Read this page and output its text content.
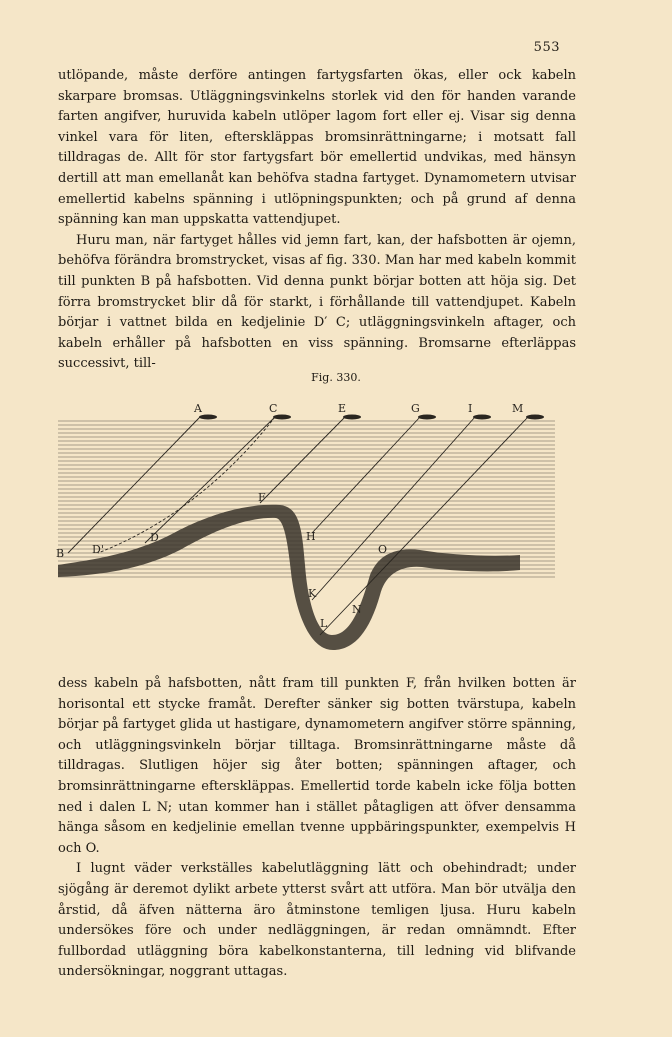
553

utlöpande, måste derföre antingen fartygsfarten ökas, eller ock kabeln skarpare bromsas. Utläggningsvinkelns storlek vid den för handen varande farten angifver, huruvida kabeln utlöper lagom fort eller ej. Visar sig denna vinkel vara för liten, efterskläppas bromsinrättningarne; i motsatt fall tilldragas de. Allt för stor fartygsfart bör emellertid undvikas, med hänsyn dertill att man emellanåt kan behöfva stadna fartyget. Dynamometern utvisar emellertid kabelns spänning i utlöpningspunkten; och på grund af denna spänning kan man uppskatta vattendjupet.

Huru man, när fartyget hålles vid jemn fart, kan, der hafsbotten är ojemn, behöfva förändra bromstrycket, visas af fig. 330. Man har med kabeln kommit till punkten B på hafsbotten. Vid denna punkt börjar botten att höja sig. Det förra bromstrycket blir då för starkt, i förhållande till vattendjupet. Kabeln börjar i vattnet bilda en kedjelinie D′ C; utläggningsvinkeln aftager, och kabeln erhåller på hafsbotten en viss spänning. Bromsarne efterläppas successivt, till-

Fig. 330.
A	C	E	G	I	M
F
D
B	D'
H
O
K
N
L

dess kabeln på hafsbotten, nått fram till punkten F, från hvilken botten är horisontal ett stycke framåt. Derefter sänker sig botten tvärstupa, kabeln börjar på fartyget glida ut hastigare, dynamometern angifver större spänning, och utläggningsvinkeln börjar tilltaga. Bromsinrättningarne måste då tilldragas. Slutligen höjer sig åter botten; spänningen aftager, och bromsinrättningarne efterskläppas. Emellertid torde kabeln icke följa botten ned i dalen L N; utan kommer han i stället påtagligen att öfver densamma hänga såsom en kedjelinie emellan tvenne uppbäringspunkter, exempelvis H och O.

I lugnt väder verkställes kabelutläggning lätt och obehindradt; under sjögång är deremot dylikt arbete ytterst svårt att utföra. Man bör utvälja den årstid, då äfven nätterna äro åtminstone temligen ljusa. Huru kabeln undersökes före och under nedläggningen, är redan omnämndt. Efter fullbordad utläggning böra kabelkonstanterna, till ledning vid blifvande undersökningar, noggrant uttagas.
